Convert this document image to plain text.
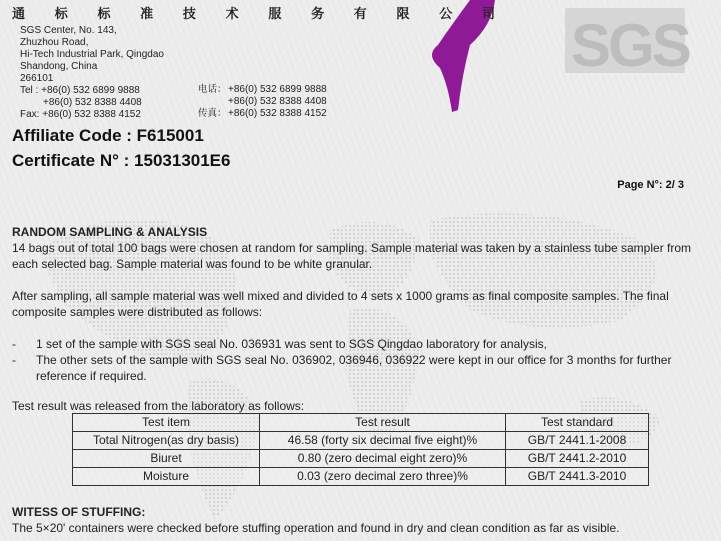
SGS
通 标 标 准 技 术 服 务 有 限 公 司
SGS Center, No. 143,
Zhuzhou Road,
Hi-Tech Industrial Park, Qingdao
Shandong, China
266101
Tel : +86(0) 532 6899 9888
+86(0) 532 8388 4408
Fax: +86(0) 532 8388 4152
电话： +86(0) 532 6899 9888
+86(0) 532 8388 4408
传真： +86(0) 532 8388 4152
Affiliate Code : F615001
Certificate N° : 15031301E6
Page N°: 2/ 3
RANDOM SAMPLING & ANALYSIS
14 bags out of total 100 bags were chosen at random for sampling. Sample material was taken by a stainless tube sampler from each selected bag. Sample material was found to be white granular.
After sampling, all sample material was well mixed and divided to 4 sets x 1000 grams as final composite samples. The final composite samples were distributed as follows:
-	1 set of the sample with SGS seal No. 036931 was sent to SGS Qingdao laboratory for analysis,
-	The other sets of the sample with SGS seal No. 036902, 036946, 036922 were kept in our office for 3 months for further reference if required.
Test result was released from the laboratory as follows:
Test item	Test result	Test standard
Total Nitrogen(as dry basis)	46.58 (forty six decimal five eight)%	GB/T 2441.1-2008
Biuret	0.80 (zero decimal eight zero)%	GB/T 2441.2-2010
Moisture	0.03 (zero decimal zero three)%	GB/T 2441.3-2010
WITESS OF STUFFING:
The 5×20' containers were checked before stuffing operation and found in dry and clean condition as far as visible.
